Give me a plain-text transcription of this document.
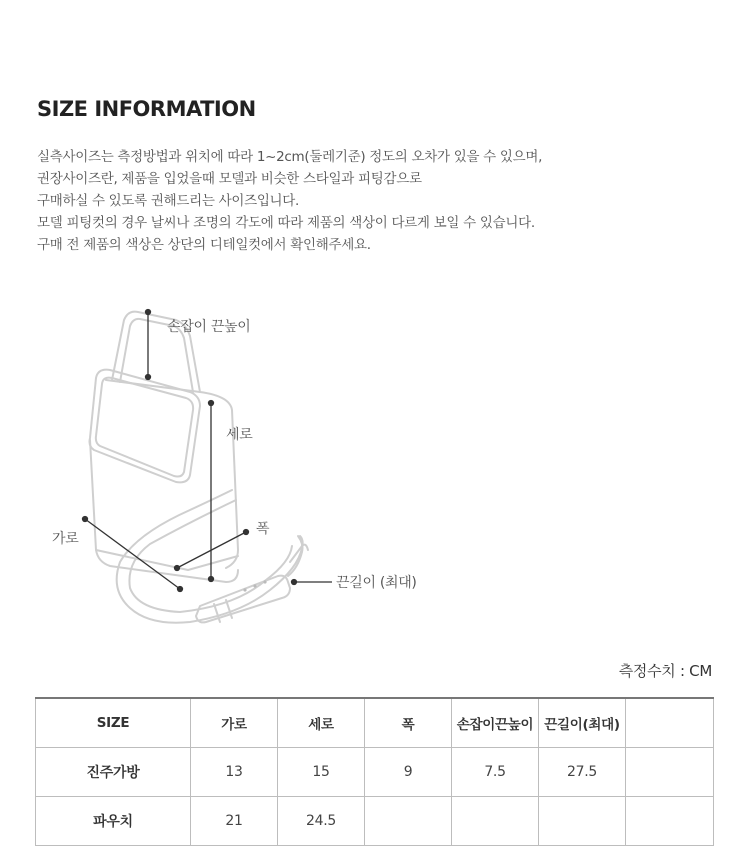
SIZE INFORMATION
실측사이즈는 측정방법과 위치에 따라 1~2cm(둘레기준) 정도의 오차가 있을 수 있으며,
권장사이즈란, 제품을 입었을때 모델과 비슷한 스타일과 피팅감으로
구매하실 수 있도록 권해드리는 사이즈입니다.
모델 피팅컷의 경우 날씨나 조명의 각도에 따라 제품의 색상이 다르게 보일 수 있습니다.
구매 전 제품의 색상은 상단의 디테일컷에서 확인해주세요.
손잡이 끈높이
세로
폭
가로
끈길이 (최대)
측정수치 : CM
SIZE	가로	세로	폭	손잡이끈높이	끈길이(최대)	
진주가방	13	15	9	7.5	27.5	
파우치	21	24.5				
